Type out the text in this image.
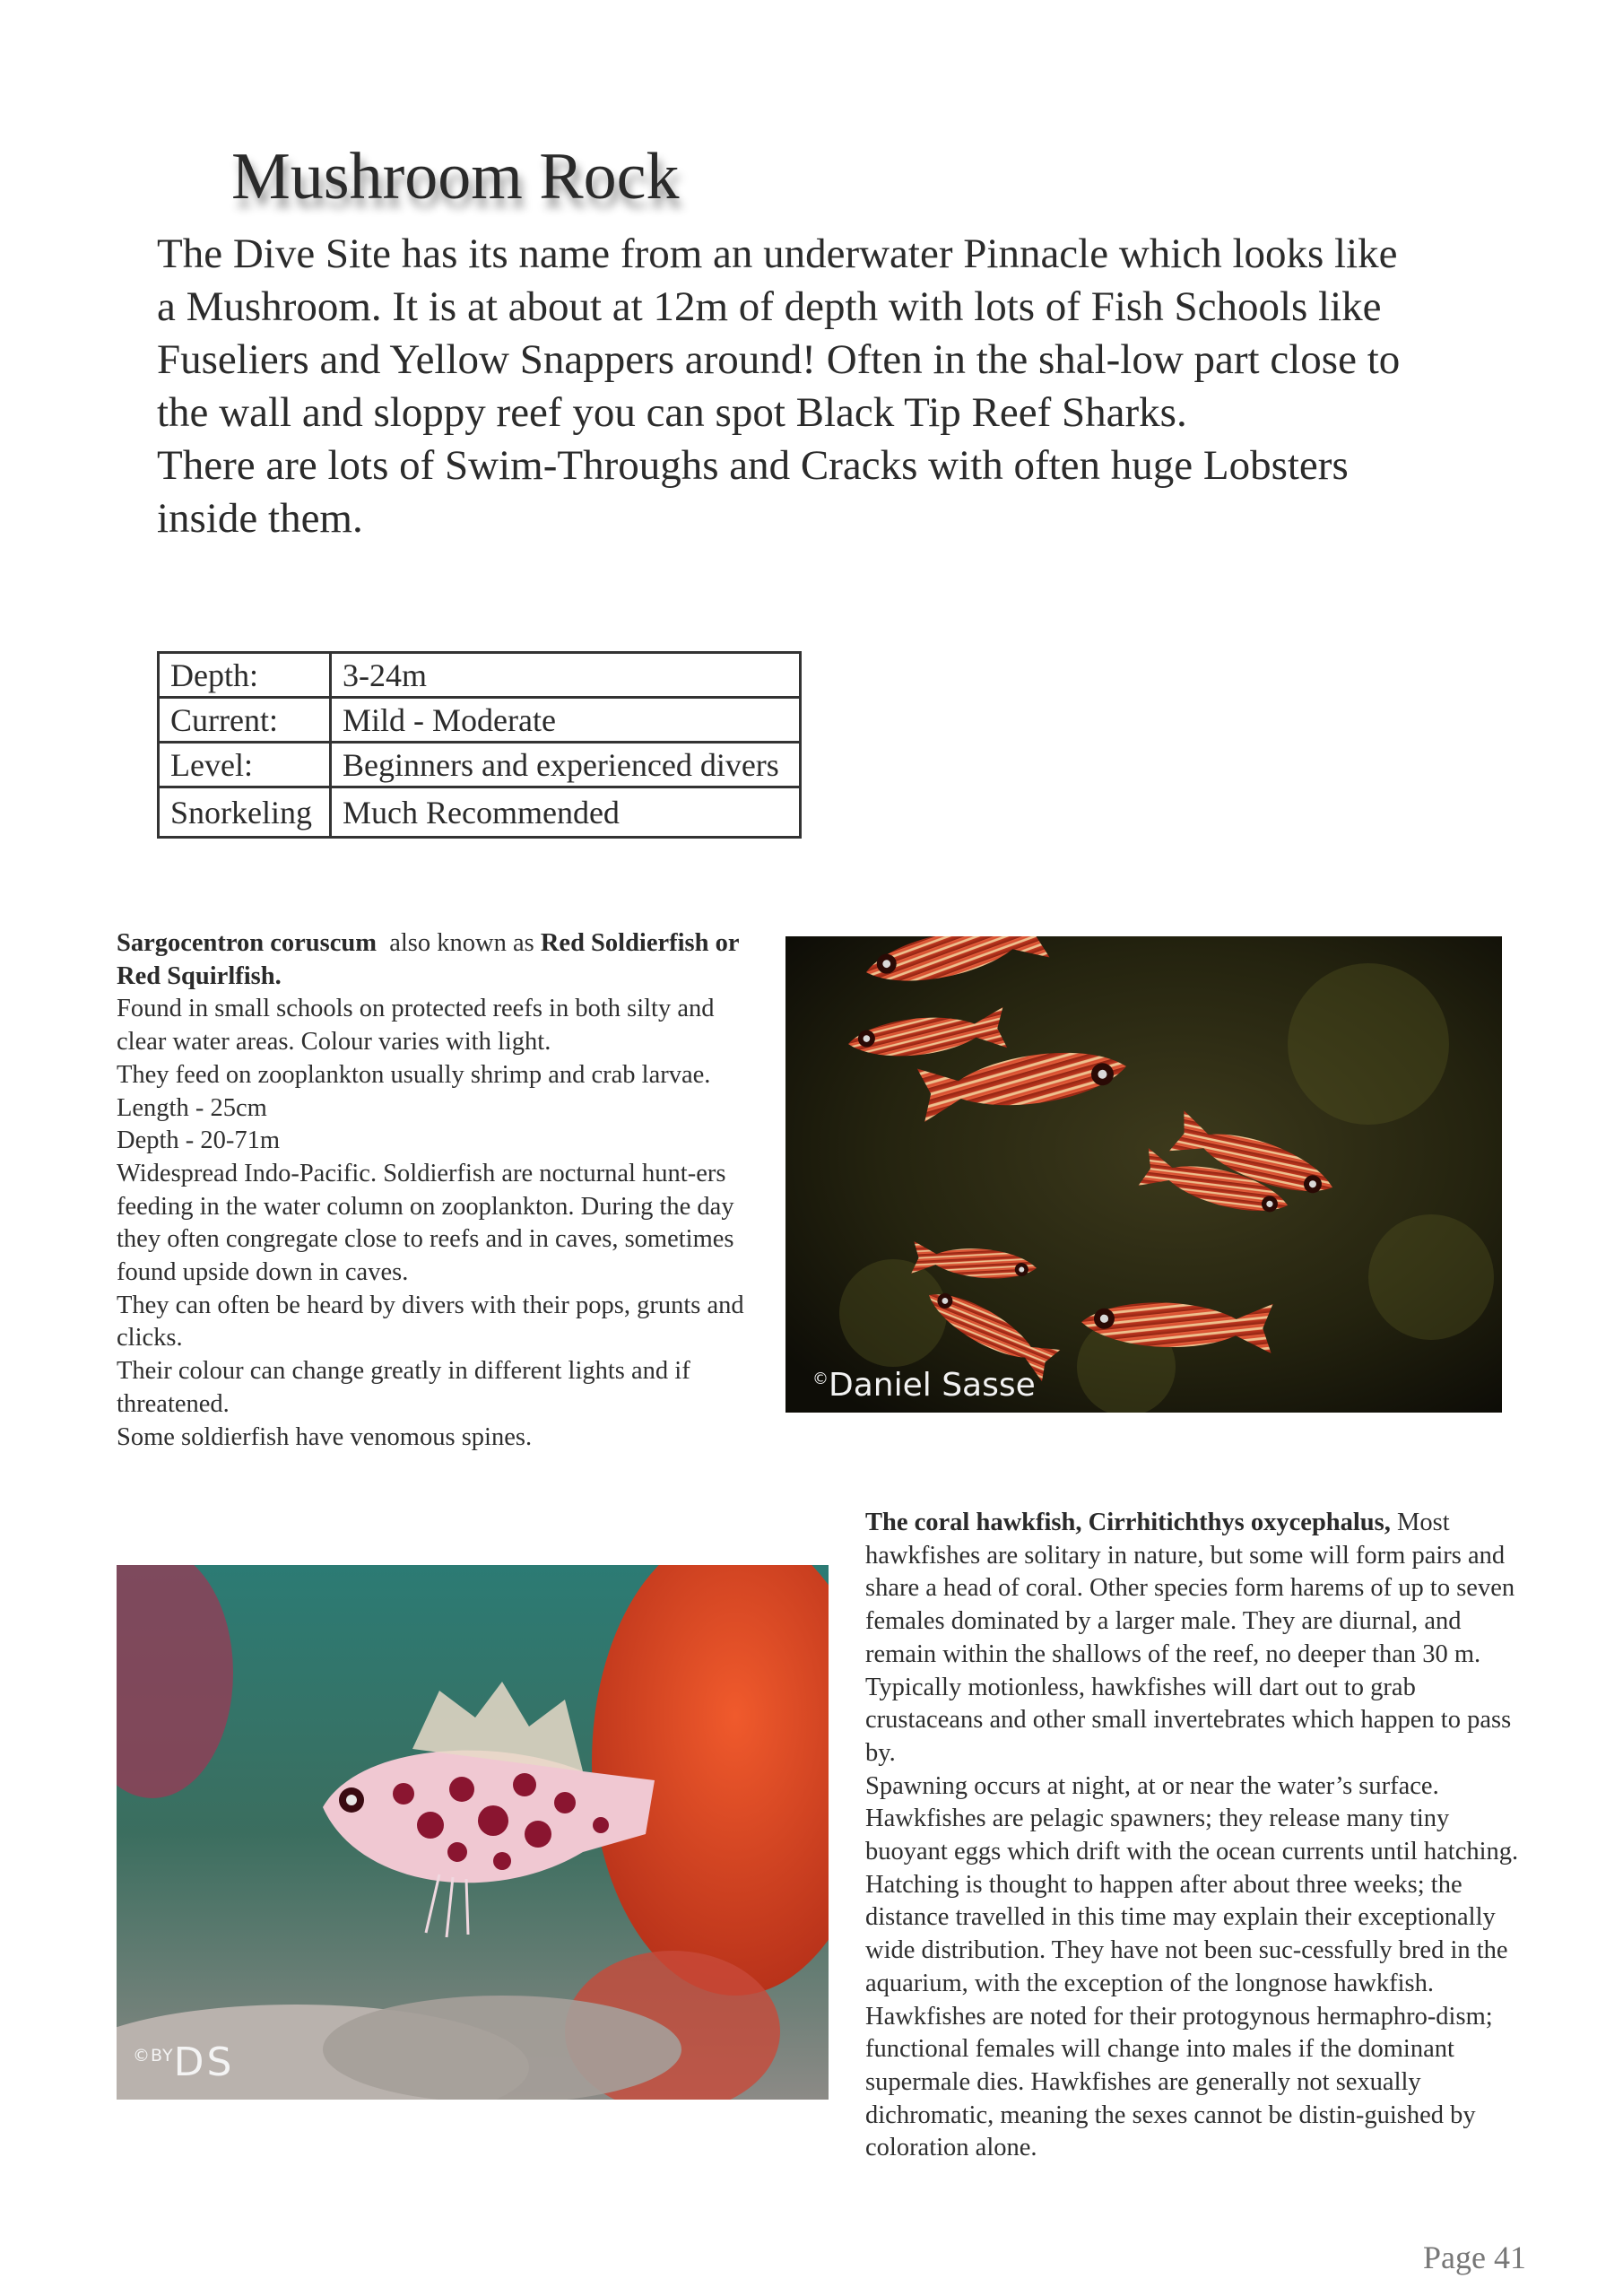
Mushroom Rock

The Dive Site has its name from an underwater Pinnacle which looks like a Mushroom. It is at about at 12m of depth with lots of Fish Schools like Fuseliers and Yellow Snappers around! Often in the shal-low part close to the wall and sloppy reef you can spot Black Tip Reef Sharks.

There are lots of Swim-Throughs and Cracks with often huge Lobsters inside them.

Depth:	3-24m
Current:	Mild - Moderate
Level:	Beginners and experienced divers
Snorkeling	Much Recommended

Sargocentron coruscum  also known as Red Soldierfish or Red Squirlfish.

Found in small schools on protected reefs in both silty and clear water areas. Colour varies with light.

They feed on zooplankton usually shrimp and crab larvae.

Length - 25cm

Depth - 20-71m

Widespread Indo-Pacific. Soldierfish are nocturnal hunt-ers feeding in the water column on zooplankton. During the day they often congregate close to reefs and in caves, sometimes found upside down in caves.

They can often be heard by divers with their pops, grunts and clicks.

Their colour can change greatly in different lights and if threatened.

Some soldierfish have venomous spines.

©Daniel Sasse
$^{©BY}$DS

The coral hawkfish, Cirrhitichthys oxycephalus, Most hawkfishes are solitary in nature, but some will form pairs and share a head of coral. Other species form harems of up to seven females dominated by a larger male. They are diurnal, and remain within the shallows of the reef, no deeper than 30 m. Typically motionless, hawkfishes will dart out to grab crustaceans and other small invertebrates which happen to pass by.

Spawning occurs at night, at or near the water’s surface. Hawkfishes are pelagic spawners; they release many tiny buoyant eggs which drift with the ocean currents until hatching. Hatching is thought to happen after about three weeks; the distance travelled in this time may explain their exceptionally wide distribution. They have not been suc-cessfully bred in the aquarium, with the exception of the longnose hawkfish.

Hawkfishes are noted for their protogynous hermaphro-dism; functional females will change into males if the dominant supermale dies. Hawkfishes are generally not sexually dichromatic, meaning the sexes cannot be distin-guished by coloration alone.

Page 41
